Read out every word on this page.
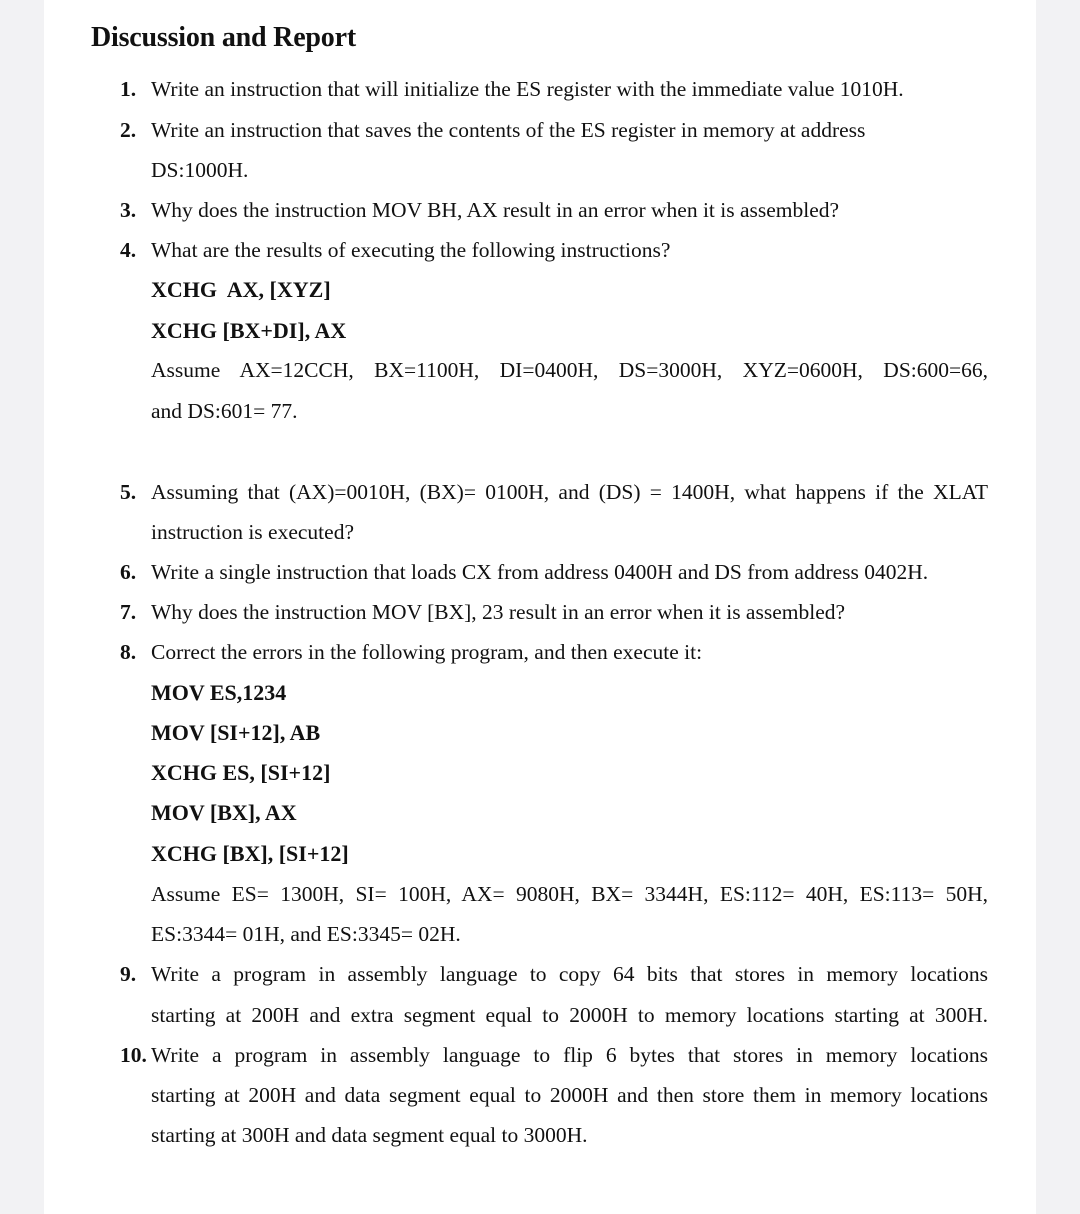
Discussion and Report
1. Write an instruction that will initialize the ES register with the immediate value 1010H.
2. Write an instruction that saves the contents of the ES register in memory at address
DS:1000H.
3. Why does the instruction MOV BH, AX result in an error when it is assembled?
4. What are the results of executing the following instructions?
XCHG  AX, [XYZ]
XCHG [BX+DI], AX
Assume AX=12CCH, BX=1100H, DI=0400H, DS=3000H, XYZ=0600H, DS:600=66,
and DS:601= 77.
5. Assuming that (AX)=0010H, (BX)= 0100H, and (DS) = 1400H, what happens if the XLAT
instruction is executed?
6. Write a single instruction that loads CX from address 0400H and DS from address 0402H.
7. Why does the instruction MOV [BX], 23 result in an error when it is assembled?
8. Correct the errors in the following program, and then execute it:
MOV ES,1234
MOV [SI+12], AB
XCHG ES, [SI+12]
MOV [BX], AX
XCHG [BX], [SI+12]
Assume ES= 1300H, SI= 100H, AX= 9080H, BX= 3344H, ES:112= 40H, ES:113= 50H,
ES:3344= 01H, and ES:3345= 02H.
9. Write a program in assembly language to copy 64 bits that stores in memory locations
starting at 200H and extra segment equal to 2000H to memory locations starting at 300H.
10. Write a program in assembly language to flip 6 bytes that stores in memory locations
starting at 200H and data segment equal to 2000H and then store them in memory locations
starting at 300H and data segment equal to 3000H.
